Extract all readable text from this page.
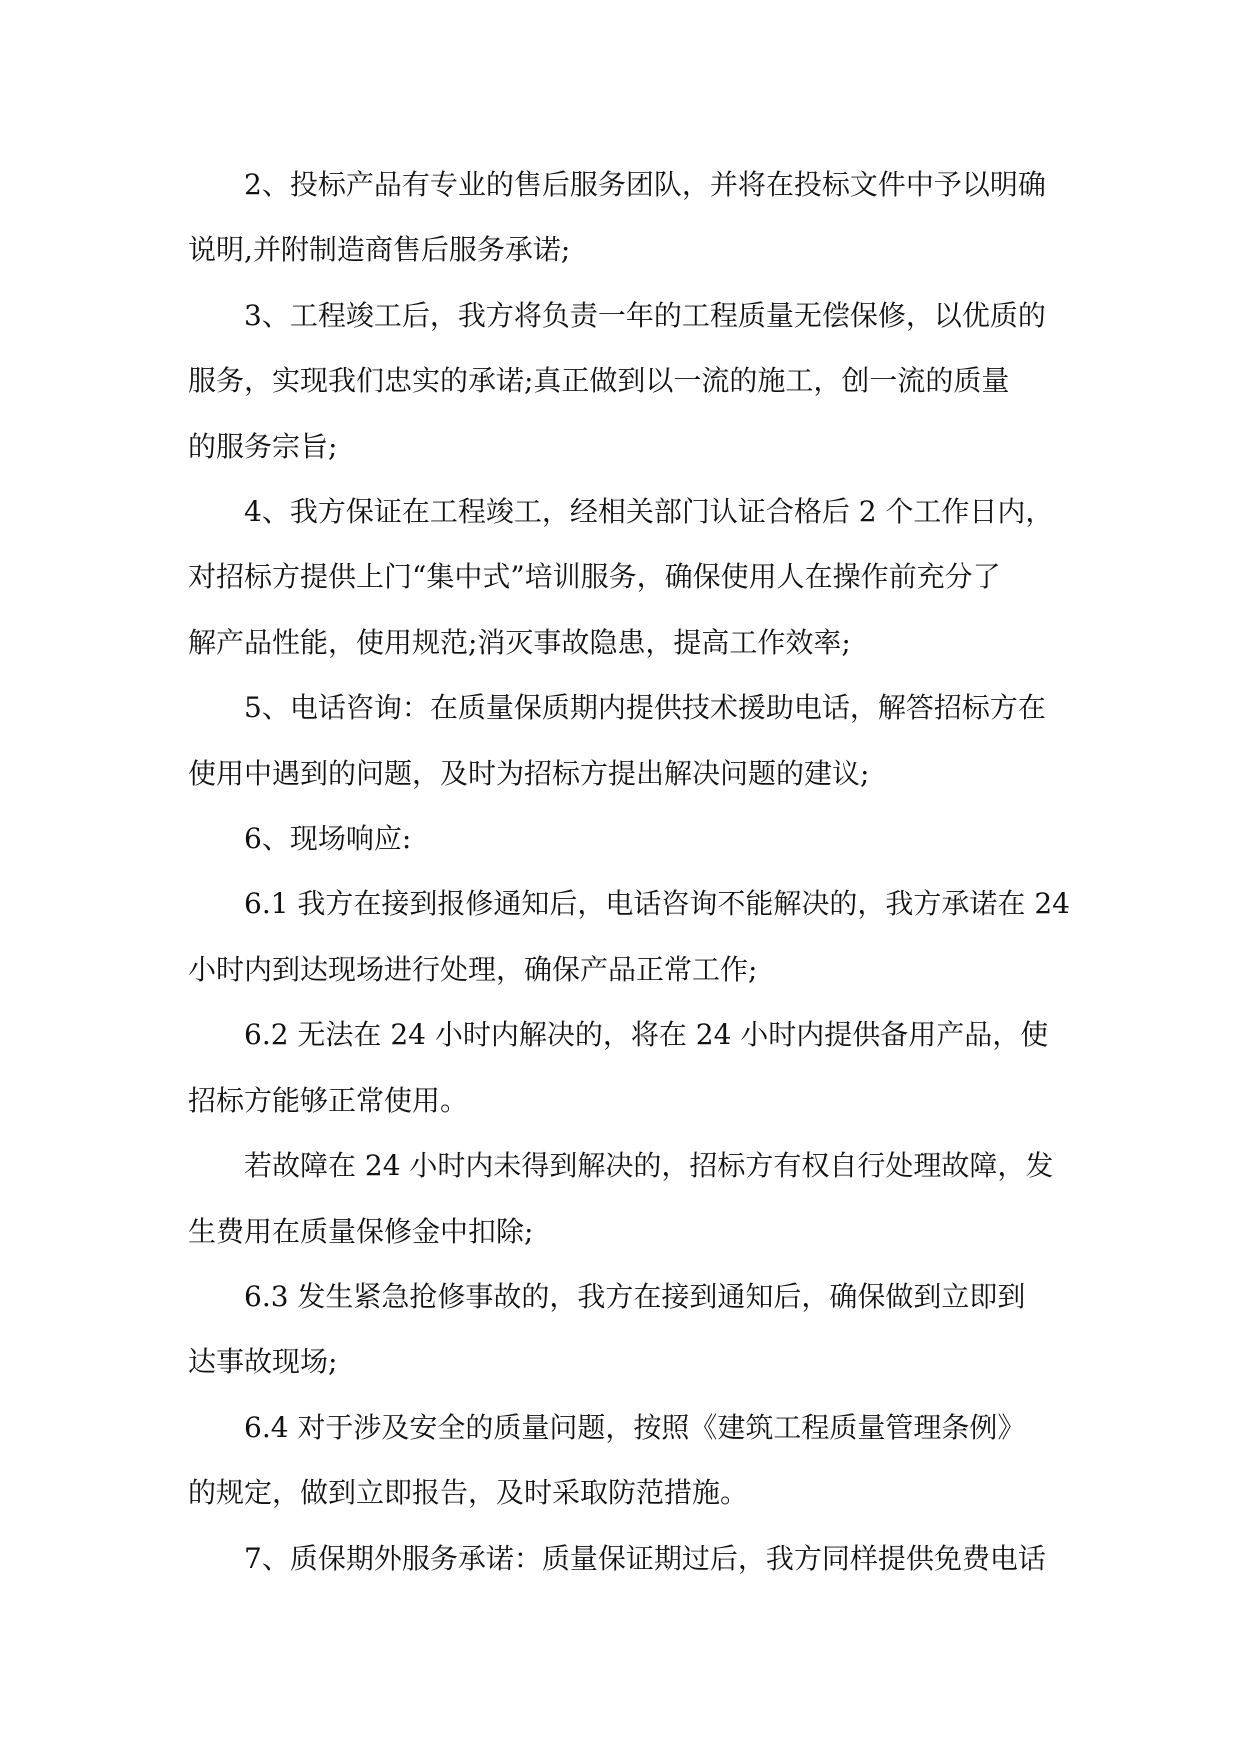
2、投标产品有专业的售后服务团队，并将在投标文件中予以明确
说明,并附制造商售后服务承诺;

3、工程竣工后，我方将负责一年的工程质量无偿保修，以优质的
服务，实现我们忠实的承诺;真正做到以一流的施工，创一流的质量
的服务宗旨;

4、我方保证在工程竣工，经相关部门认证合格后 2 个工作日内，
对招标方提供上门“集中式”培训服务，确保使用人在操作前充分了
解产品性能，使用规范;消灭事故隐患，提高工作效率;

5、电话咨询：在质量保质期内提供技术援助电话，解答招标方在
使用中遇到的问题，及时为招标方提出解决问题的建议;

6、现场响应:

6.1 我方在接到报修通知后，电话咨询不能解决的，我方承诺在 24
小时内到达现场进行处理，确保产品正常工作;

6.2 无法在 24 小时内解决的，将在 24 小时内提供备用产品，使
招标方能够正常使用。

若故障在 24 小时内未得到解决的，招标方有权自行处理故障，发
生费用在质量保修金中扣除;

6.3 发生紧急抢修事故的，我方在接到通知后，确保做到立即到
达事故现场;

6.4 对于涉及安全的质量问题，按照《建筑工程质量管理条例》
的规定，做到立即报告，及时采取防范措施。

7、质保期外服务承诺：质量保证期过后，我方同样提供免费电话
